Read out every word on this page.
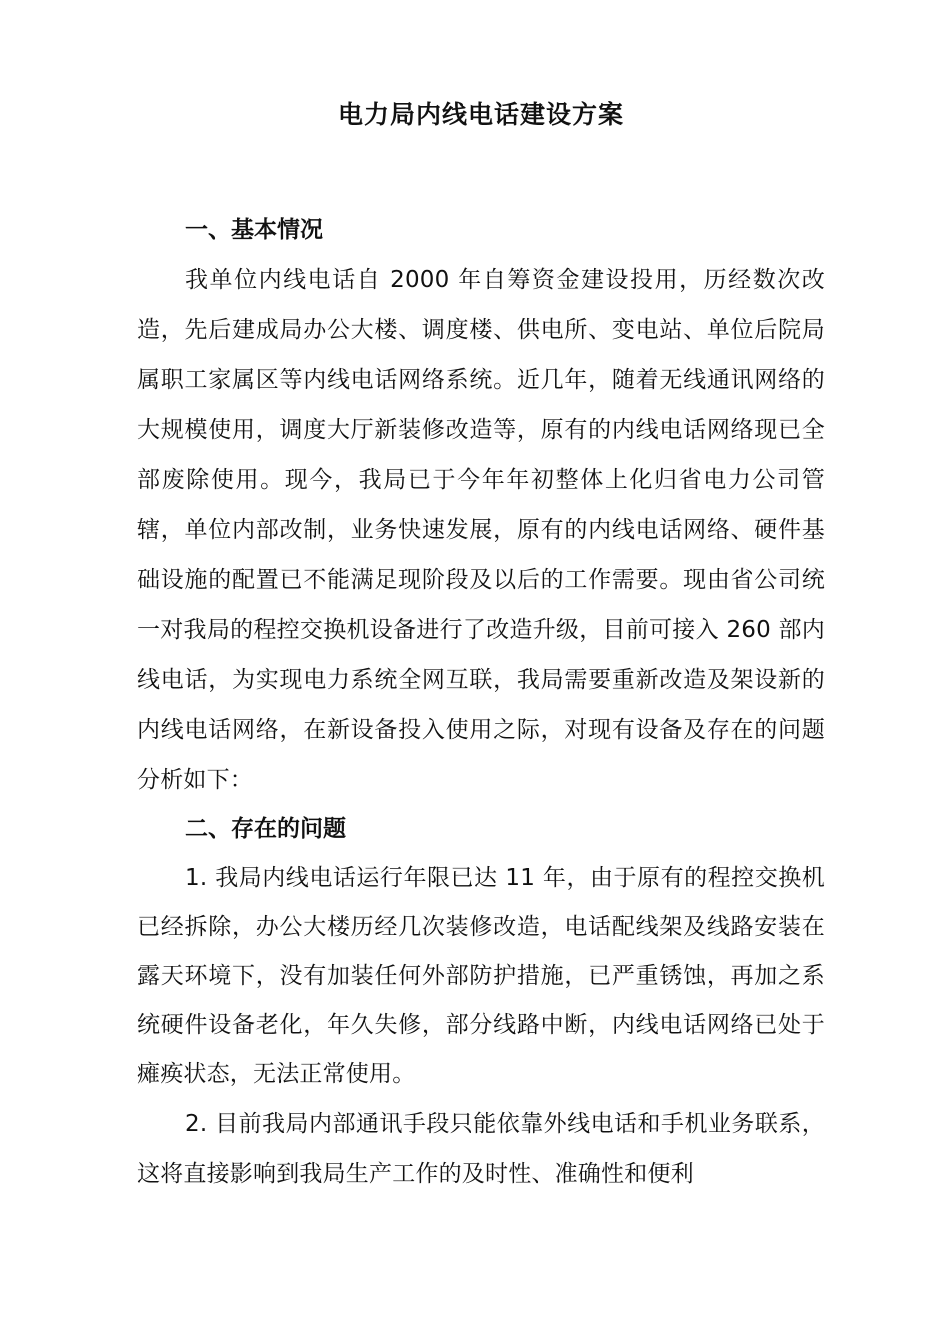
电力局内线电话建设方案
一、基本情况

我单位内线电话自 2000 年自筹资金建设投用，历经数次改造，先后建成局办公大楼、调度楼、供电所、变电站、单位后院局属职工家属区等内线电话网络系统。近几年，随着无线通讯网络的大规模使用，调度大厅新装修改造等，原有的内线电话网络现已全部废除使用。现今，我局已于今年年初整体上化归省电力公司管辖，单位内部改制，业务快速发展，原有的内线电话网络、硬件基础设施的配置已不能满足现阶段及以后的工作需要。现由省公司统一对我局的程控交换机设备进行了改造升级，目前可接入 260 部内线电话，为实现电力系统全网互联，我局需要重新改造及架设新的内线电话网络，在新设备投入使用之际，对现有设备及存在的问题分析如下：

二、存在的问题

1. 我局内线电话运行年限已达 11 年，由于原有的程控交换机已经拆除，办公大楼历经几次装修改造，电话配线架及线路安装在露天环境下，没有加装任何外部防护措施，已严重锈蚀，再加之系统硬件设备老化，年久失修，部分线路中断，内线电话网络已处于瘫痪状态，无法正常使用。

2. 目前我局内部通讯手段只能依靠外线电话和手机业务联系，这将直接影响到我局生产工作的及时性、准确性和便利
